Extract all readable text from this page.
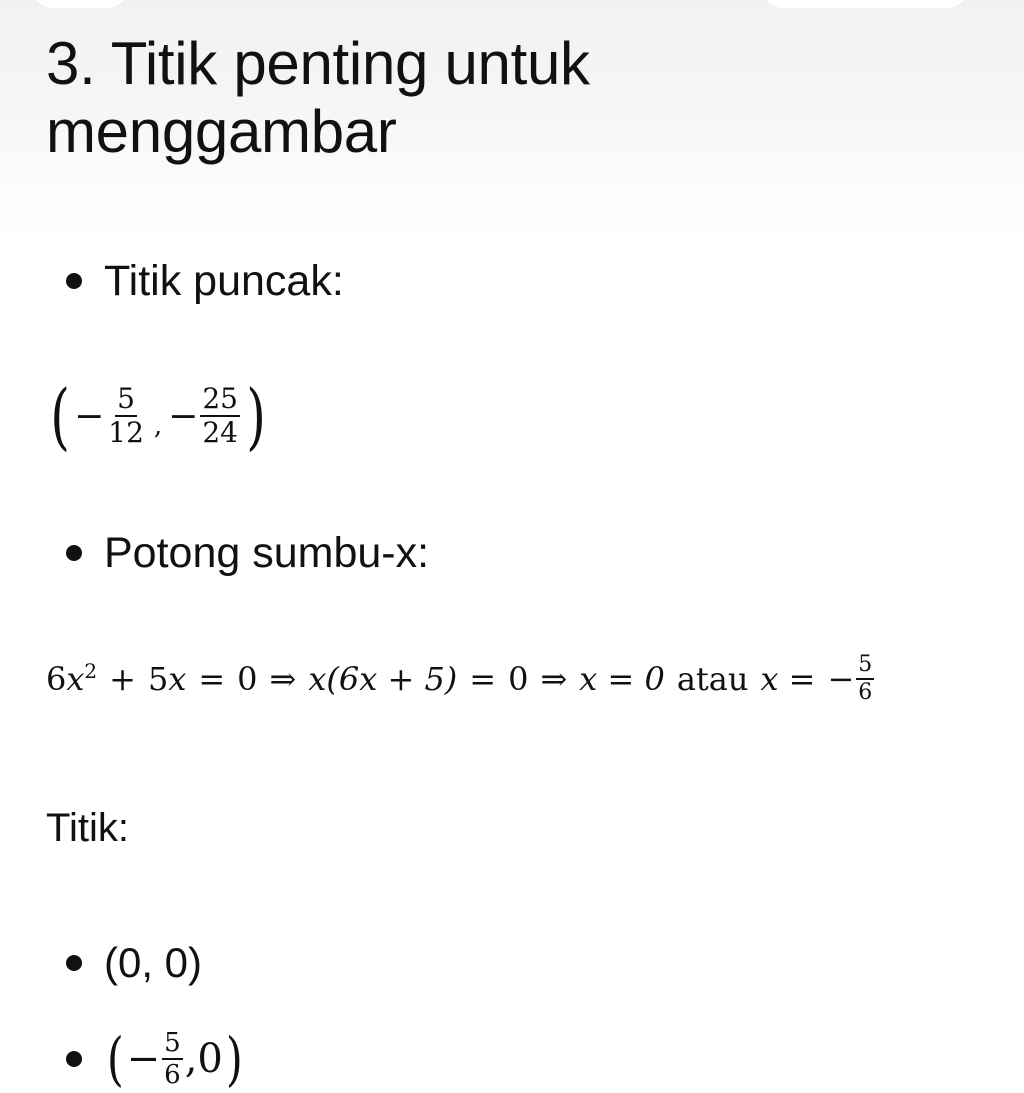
3. Titik penting untuk menggambar
Titik puncak:
( − $\frac{5}{12}$ , − $\frac{25}{24}$ )
Potong sumbu-x:
6 $x^2 + 5$ x = 0 ⇒ x(6x + 5) = 0 ⇒ x = 0 atau x = − $\frac{5}{6}$
Titik:
(0, 0)
( − $\frac{5}{6}$ , 0 )
